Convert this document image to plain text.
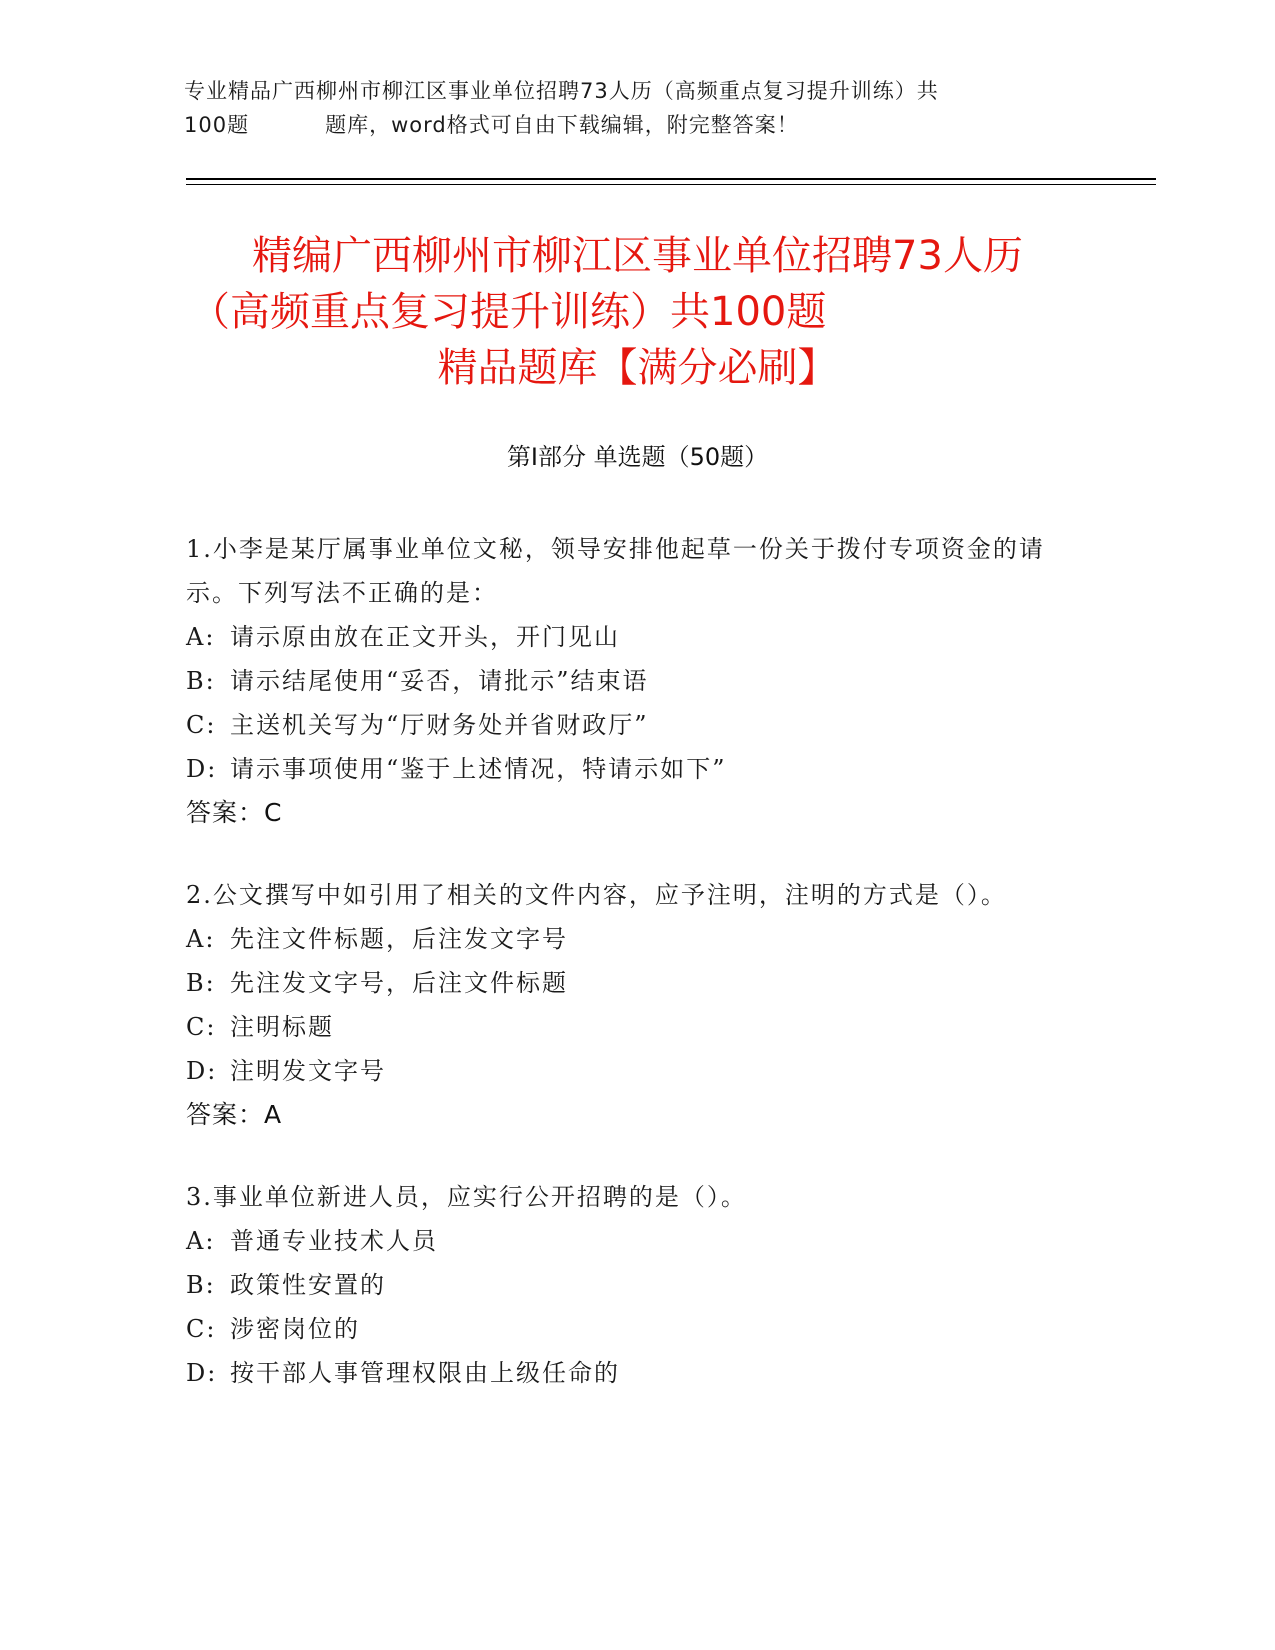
专业精品广西柳州市柳江区事业单位招聘73人历（高频重点复习提升训练）共
100题	题库，word格式可自由下载编辑，附完整答案！
精编广西柳州市柳江区事业单位招聘73人历
（高频重点复习提升训练）共100题
精品题库【满分必刷】
第Ⅰ部分 单选题（50题）
1.小李是某厅属事业单位文秘，领导安排他起草一份关于拨付专项资金的请示。下列写法不正确的是：
A: 请示原由放在正文开头，开门见山
B: 请示结尾使用“妥否，请批示”结束语
C: 主送机关写为“厅财务处并省财政厅”
D: 请示事项使用“鉴于上述情况，特请示如下”
答案：C
2.公文撰写中如引用了相关的文件内容，应予注明，注明的方式是（）。
A: 先注文件标题，后注发文字号
B: 先注发文字号，后注文件标题
C: 注明标题
D: 注明发文字号
答案：A
3.事业单位新进人员，应实行公开招聘的是（）。
A: 普通专业技术人员
B: 政策性安置的
C: 涉密岗位的
D: 按干部人事管理权限由上级任命的
